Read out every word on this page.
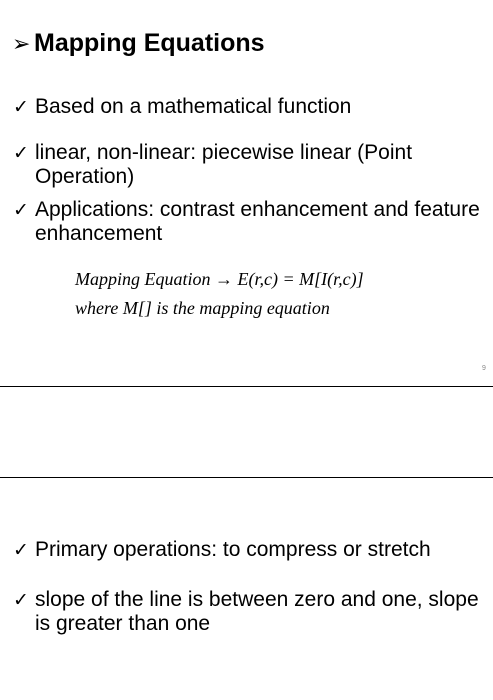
➢ Mapping Equations
✓ Based on a mathematical function
✓ linear, non-linear: piecewise linear (Point Operation)
✓ Applications: contrast enhancement and feature enhancement
Mapping Equation → E(r,c) = M[I(r,c)]
where M[] is the mapping equation
9
✓ Primary operations: to compress or stretch
✓ slope of the line is between zero and one, slope is greater than one
